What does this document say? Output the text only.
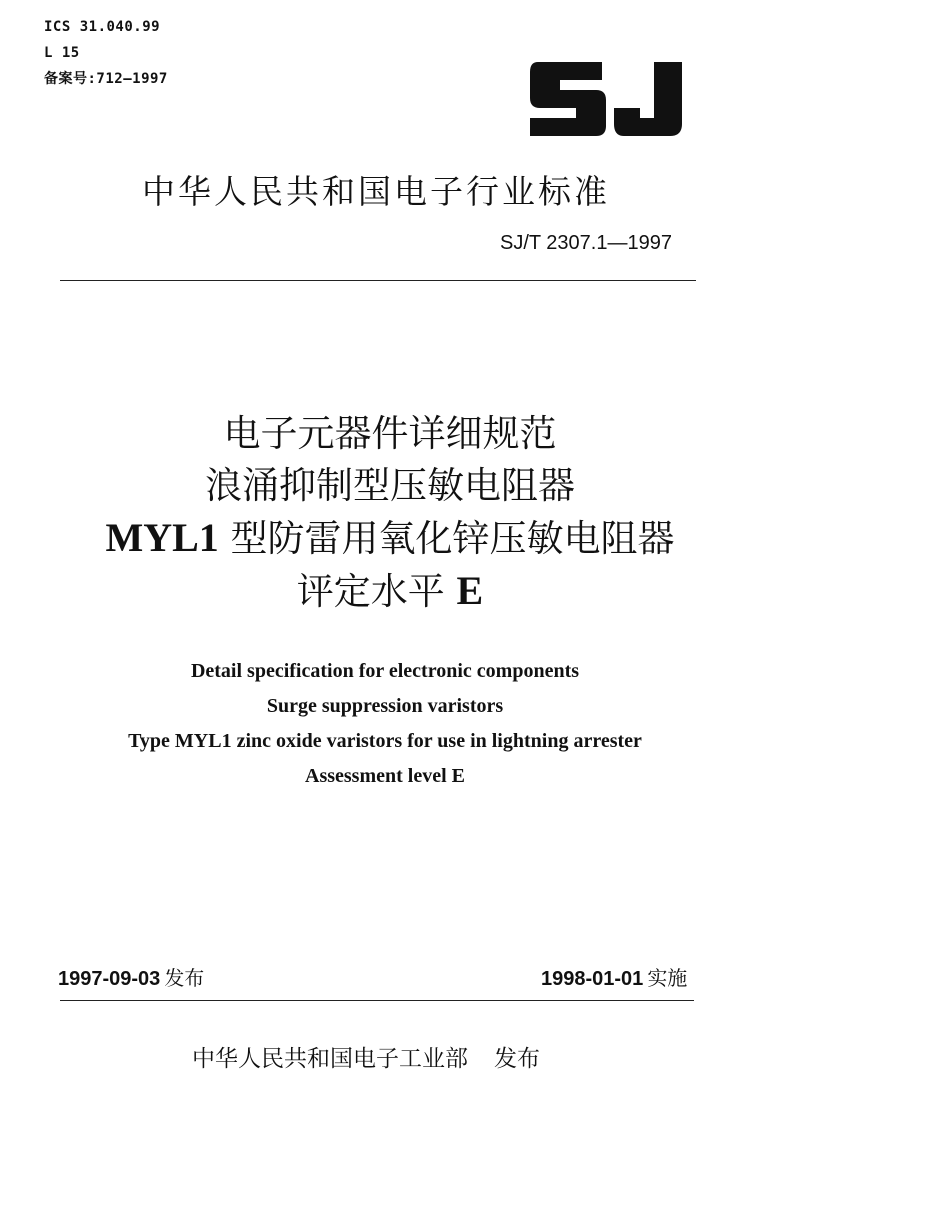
ICS 31.040.99
L 15
备案号:712—1997
中华人民共和国电子行业标准
SJ/T 2307.1—1997
电子元器件详细规范
浪涌抑制型压敏电阻器
MYL1 型防雷用氧化锌压敏电阻器
评定水平 E
Detail specification for electronic components
Surge suppression varistors
Type MYL1 zinc oxide varistors for use in lightning arrester
Assessment level E
1997-09-03 发布	1998-01-01 实施
中华人民共和国电子工业部 发布
